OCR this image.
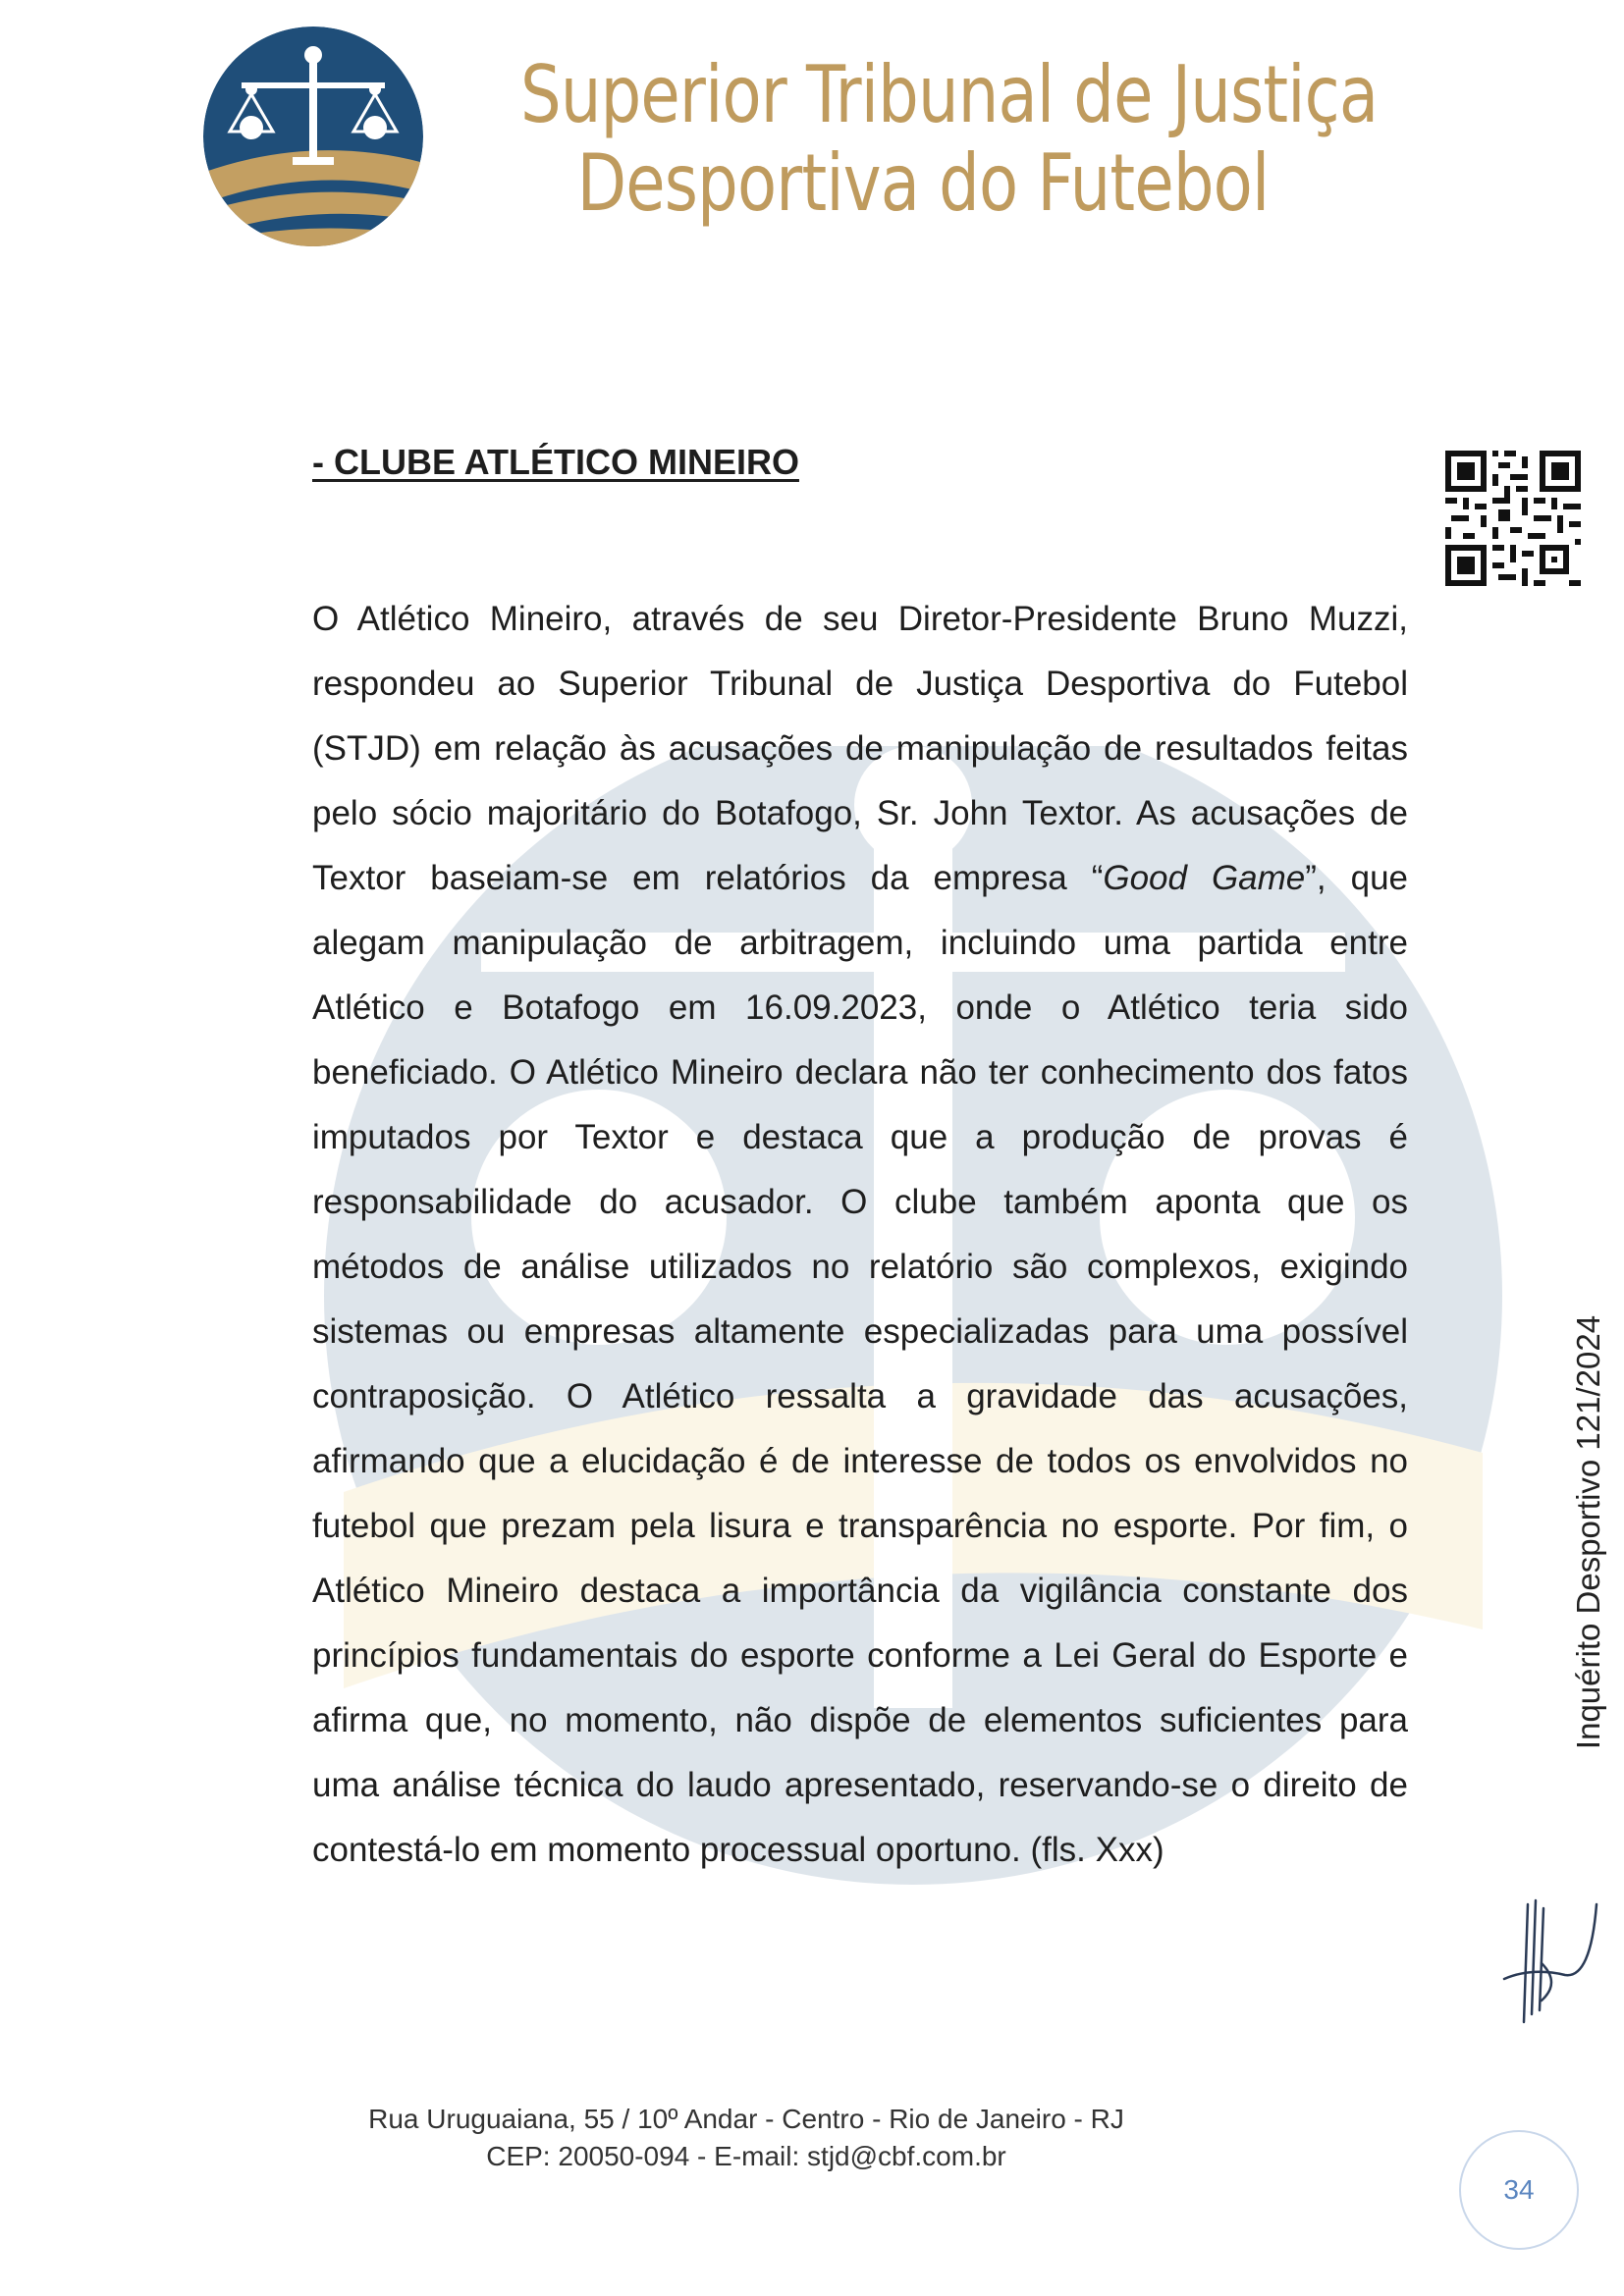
Superior Tribunal de Justiça
Desportiva do Futebol
- CLUBE ATLÉTICO MINEIRO
O Atlético Mineiro, através de seu Diretor-Presidente Bruno Muzzi,
respondeu ao Superior Tribunal de Justiça Desportiva do Futebol
(STJD) em relação às acusações de manipulação de resultados feitas
pelo sócio majoritário do Botafogo, Sr. John Textor. As acusações de
Textor baseiam-se em relatórios da empresa “Good Game”, que
alegam manipulação de arbitragem, incluindo uma partida entre
Atlético e Botafogo em 16.09.2023, onde o Atlético teria sido
beneficiado. O Atlético Mineiro declara não ter conhecimento dos fatos
imputados por Textor e destaca que a produção de provas é
responsabilidade do acusador. O clube também aponta que os
métodos de análise utilizados no relatório são complexos, exigindo
sistemas ou empresas altamente especializadas para uma possível
contraposição. O Atlético ressalta a gravidade das acusações,
afirmando que a elucidação é de interesse de todos os envolvidos no
futebol que prezam pela lisura e transparência no esporte. Por fim, o
Atlético Mineiro destaca a importância da vigilância constante dos
princípios fundamentais do esporte conforme a Lei Geral do Esporte e
afirma que, no momento, não dispõe de elementos suficientes para
uma análise técnica do laudo apresentado, reservando-se o direito de
contestá-lo em momento processual oportuno. (fls. Xxx)
Inquérito Desportivo 121/2024
Rua Uruguaiana, 55 / 10º Andar - Centro - Rio de Janeiro - RJ
CEP: 20050-094 - E-mail: stjd@cbf.com.br
34
